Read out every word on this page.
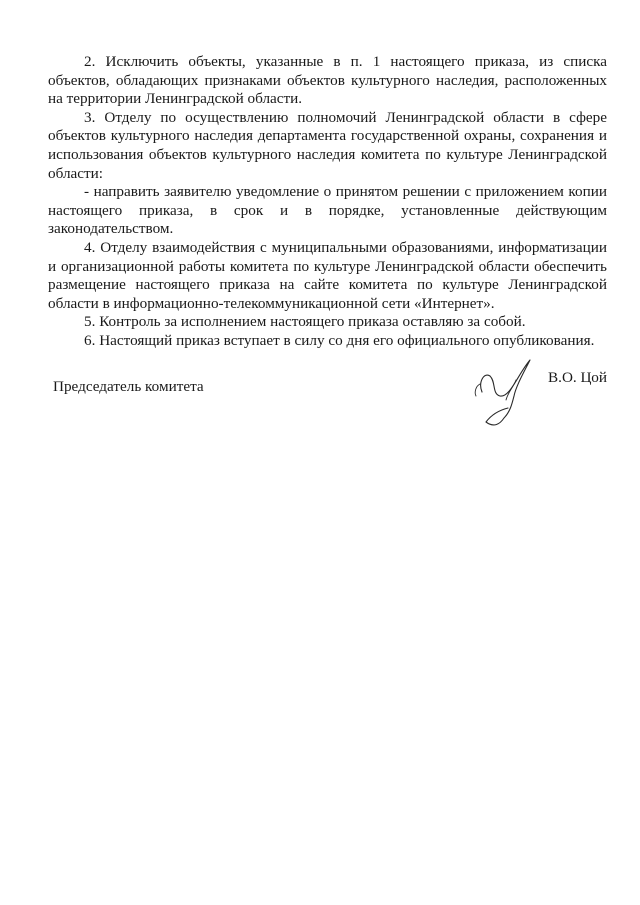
2. Исключить объекты, указанные в п. 1 настоящего приказа, из списка объектов, обладающих признаками объектов культурного наследия, расположенных на территории Ленинградской области.

3. Отделу по осуществлению полномочий Ленинградской области в сфере объектов культурного наследия департамента государственной охраны, сохранения и использования объектов культурного наследия комитета по культуре Ленинградской области:

- направить заявителю уведомление о принятом решении с приложением копии настоящего приказа, в срок и в порядке, установленные действующим законодательством.

4. Отделу взаимодействия с муниципальными образованиями, информатизации и организационной работы комитета по культуре Ленинградской области обеспечить размещение настоящего приказа на сайте комитета по культуре Ленинградской области в информационно-телекоммуникационной сети «Интернет».

5. Контроль за исполнением настоящего приказа оставляю за собой.

6. Настоящий приказ вступает в силу со дня его официального опубликования.

Председатель комитета
В.О. Цой
